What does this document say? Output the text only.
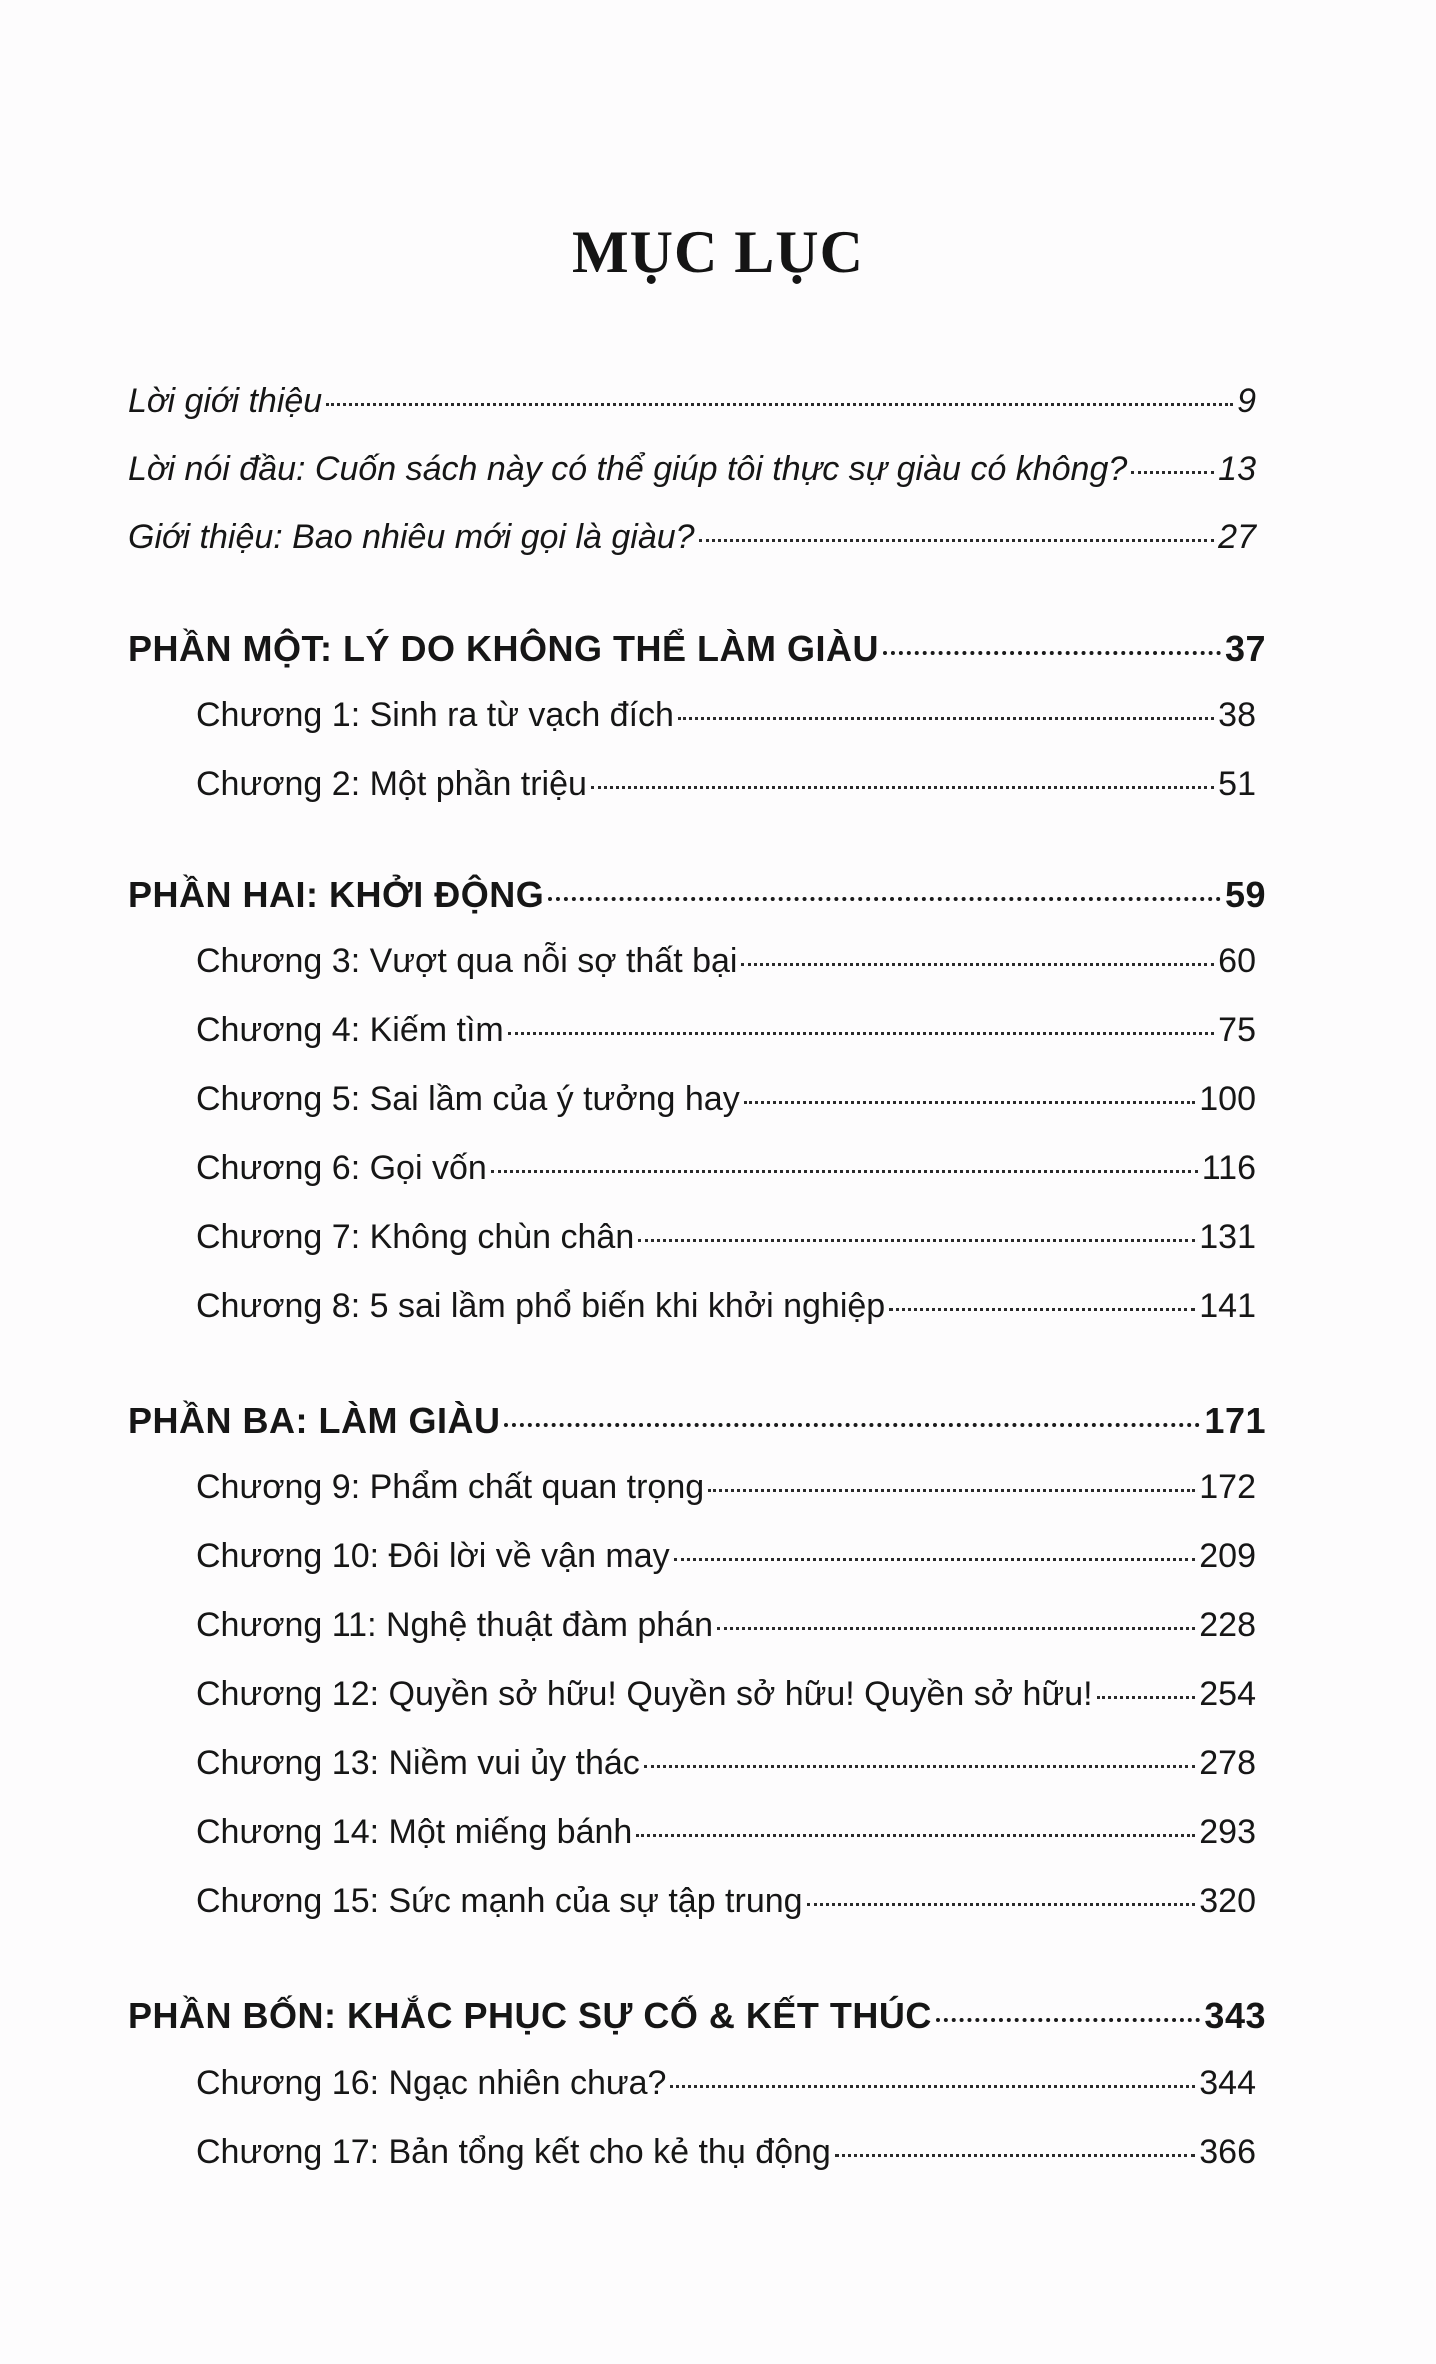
MỤC LỤC
Lời giới thiệu	9
Lời nói đầu: Cuốn sách này có thể giúp tôi thực sự giàu có không?	13
Giới thiệu: Bao nhiêu mới gọi là giàu?	27
PHẦN MỘT: LÝ DO KHÔNG THỂ LÀM GIÀU	37
Chương 1: Sinh ra từ vạch đích	38
Chương 2: Một phần triệu	51
PHẦN HAI: KHỞI ĐỘNG	59
Chương 3: Vượt qua nỗi sợ thất bại	60
Chương 4: Kiếm tìm	75
Chương 5: Sai lầm của ý tưởng hay	100
Chương 6: Gọi vốn	116
Chương 7: Không chùn chân	131
Chương 8: 5 sai lầm phổ biến khi khởi nghiệp	141
PHẦN BA: LÀM GIÀU	171
Chương 9: Phẩm chất quan trọng	172
Chương 10: Đôi lời về vận may	209
Chương 11: Nghệ thuật đàm phán	228
Chương 12: Quyền sở hữu! Quyền sở hữu! Quyền sở hữu!	254
Chương 13: Niềm vui ủy thác	278
Chương 14: Một miếng bánh	293
Chương 15: Sức mạnh của sự tập trung	320
PHẦN BỐN: KHẮC PHỤC SỰ CỐ & KẾT THÚC	343
Chương 16: Ngạc nhiên chưa?	344
Chương 17: Bản tổng kết cho kẻ thụ động	366
